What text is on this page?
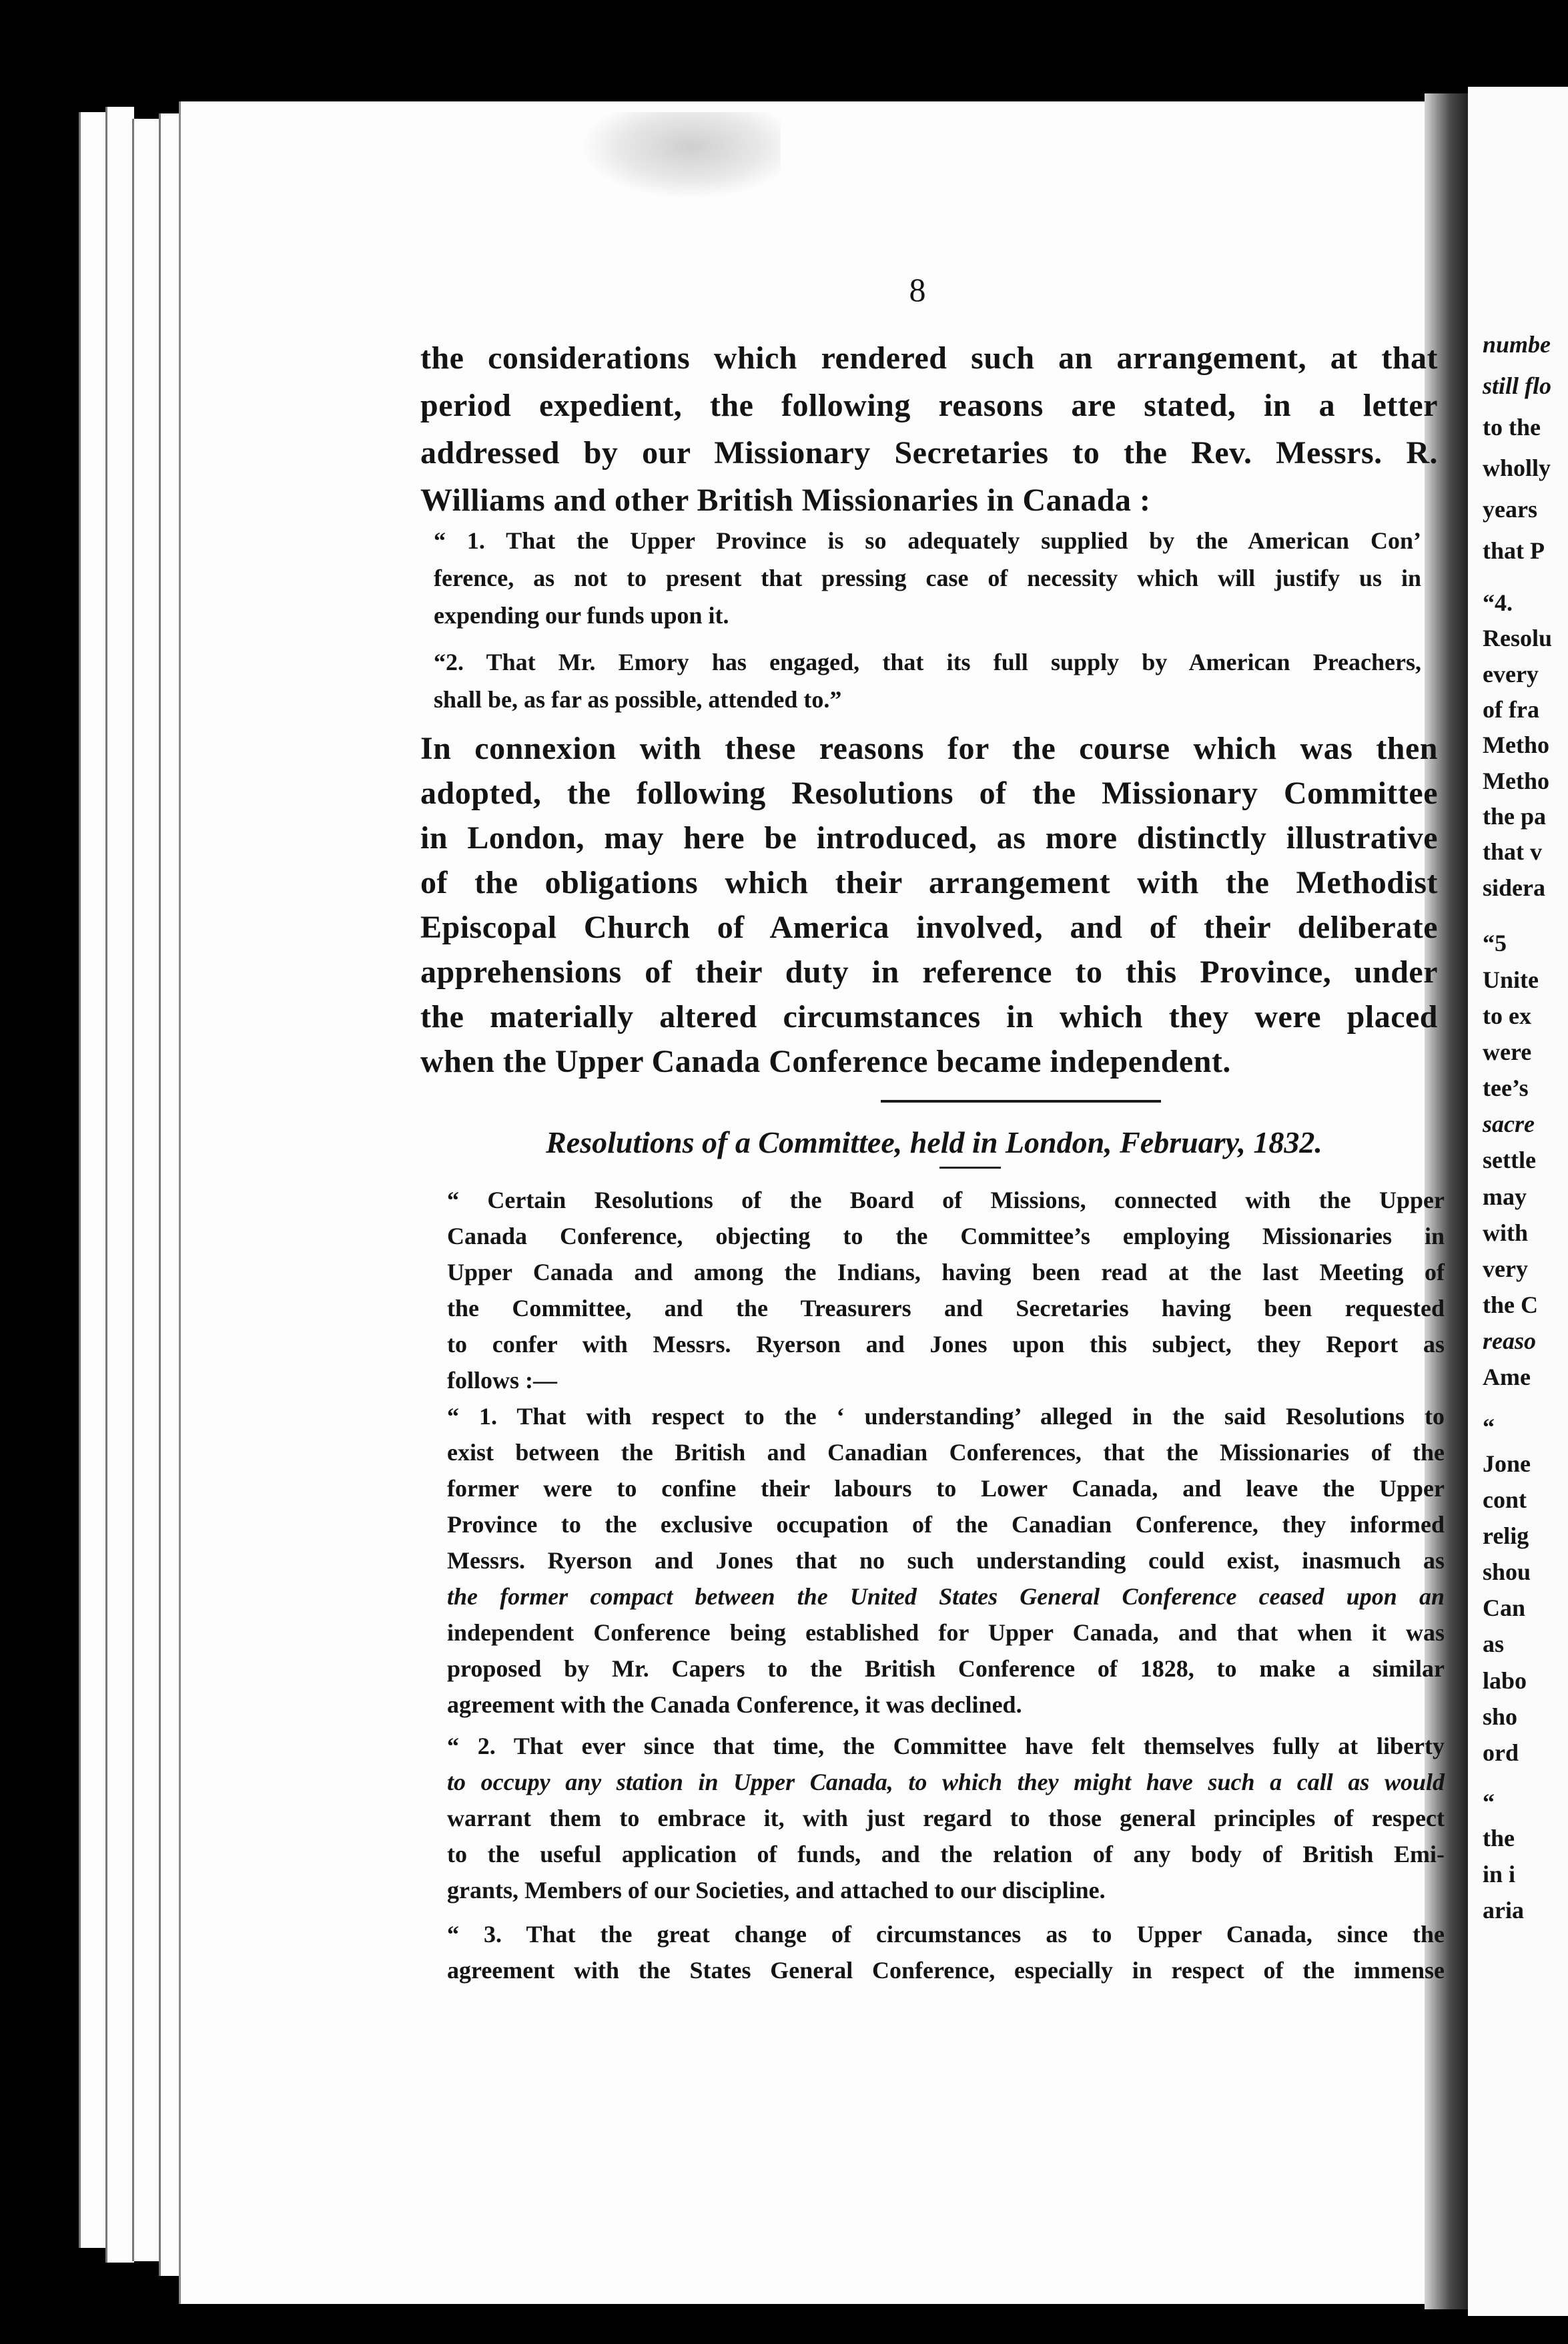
numbe
still flo
to the
wholly
years
that P
“4.
Resolu
every
of fra
Metho
Metho
the pa
that v
sidera
“5
Unite
to ex
were
tee’s
sacre
settle
may
with
very
the C
reaso
Ame
“
Jone
cont
relig
shou
Can
as
labo
sho
ord
“
the
in i
aria
8
the considerations which rendered such an arrangement, at that
period expedient, the following reasons are stated, in a letter
addressed by our Missionary Secretaries to the Rev. Messrs. R.
Williams and other British Missionaries in Canada :
“ 1. That the Upper Province is so adequately supplied by the American Con’
ference, as not to present that pressing case of necessity which will justify us in
expending our funds upon it.
“2. That Mr. Emory has engaged, that its full supply by American Preachers,
shall be, as far as possible, attended to.”
In connexion with these reasons for the course which was then
adopted, the following Resolutions of the Missionary Committee
in London, may here be introduced, as more distinctly illustrative
of the obligations which their arrangement with the Methodist
Episcopal Church of America involved, and of their deliberate
apprehensions of their duty in reference to this Province, under
the materially altered circumstances in which they were placed
when the Upper Canada Conference became independent.
Resolutions of a Committee, held in London, February, 1832.
“ Certain Resolutions of the Board of Missions, connected with the Upper
Canada Conference, objecting to the Committee’s employing Missionaries in
Upper Canada and among the Indians, having been read at the last Meeting of
the Committee, and the Treasurers and Secretaries having been requested
to confer with Messrs. Ryerson and Jones upon this subject, they Report as
follows :—
“ 1. That with respect to the ‘ understanding’ alleged in the said Resolutions to
exist between the British and Canadian Conferences, that the Missionaries of the
former were to confine their labours to Lower Canada, and leave the Upper
Province to the exclusive occupation of the Canadian Conference, they informed
Messrs. Ryerson and Jones that no such understanding could exist, inasmuch as
the former compact between the United States General Conference ceased upon an
independent Conference being established for Upper Canada, and that when it was
proposed by Mr. Capers to the British Conference of 1828, to make a similar
agreement with the Canada Conference, it was declined.
“ 2. That ever since that time, the Committee have felt themselves fully at liberty
to occupy any station in Upper Canada, to which they might have such a call as would
warrant them to embrace it, with just regard to those general principles of respect
to the useful application of funds, and the relation of any body of British Emi-
grants, Members of our Societies, and attached to our discipline.
“ 3. That the great change of circumstances as to Upper Canada, since the
agreement with the States General Conference, especially in respect of the immense
